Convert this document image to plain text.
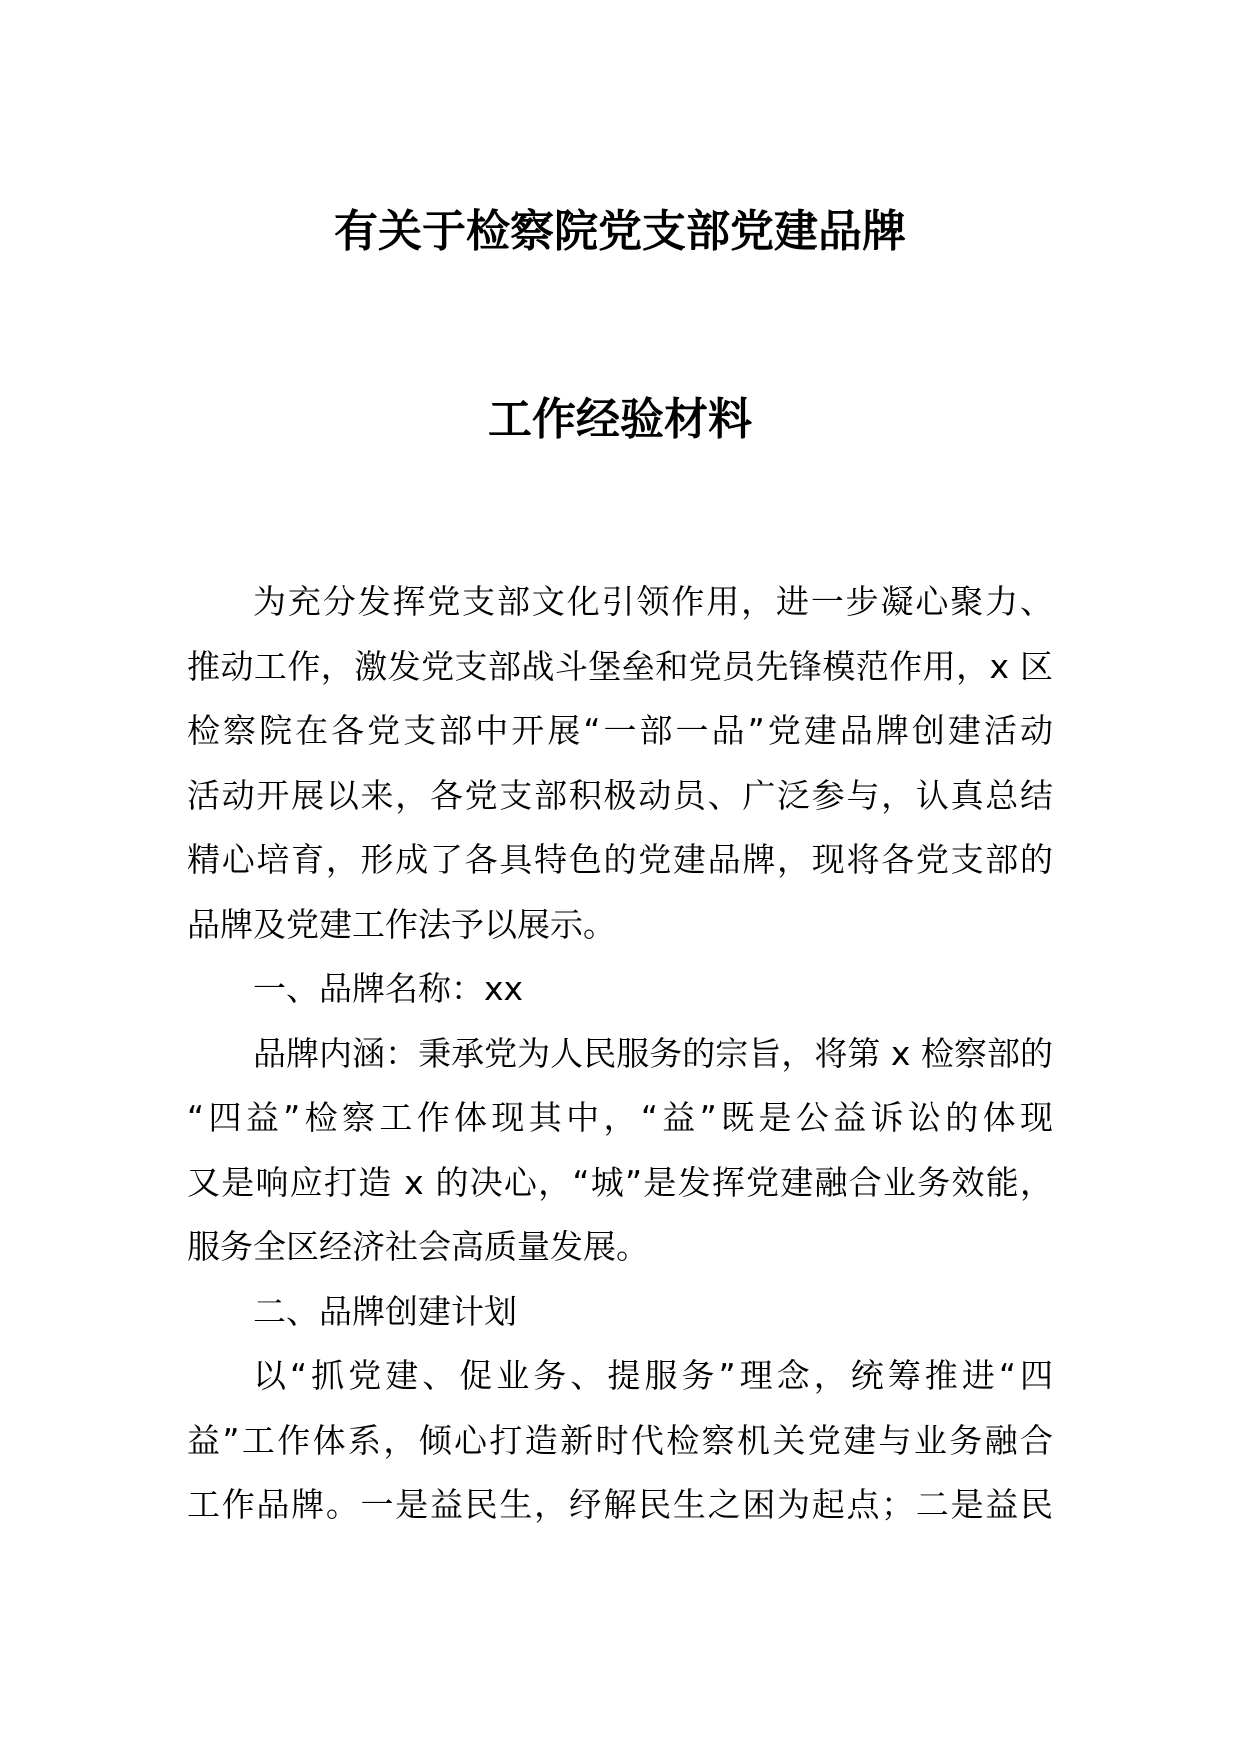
有关于检察院党支部党建品牌
工作经验材料
为充分发挥党支部文化引领作用，进一步凝心聚力、
推动工作，激发党支部战斗堡垒和党员先锋模范作用，x 区
检察院在各党支部中开展“一部一品”党建品牌创建活动
活动开展以来，各党支部积极动员、广泛参与，认真总结
精心培育，形成了各具特色的党建品牌，现将各党支部的
品牌及党建工作法予以展示。
一、品牌名称：xx
品牌内涵：秉承党为人民服务的宗旨，将第 x 检察部的
“四益”检察工作体现其中，“益”既是公益诉讼的体现
又是响应打造 x 的决心，“城”是发挥党建融合业务效能，
服务全区经济社会高质量发展。
二、品牌创建计划
以“抓党建、促业务、提服务”理念，统筹推进“四
益”工作体系，倾心打造新时代检察机关党建与业务融合
工作品牌。一是益民生，纾解民生之困为起点；二是益民
